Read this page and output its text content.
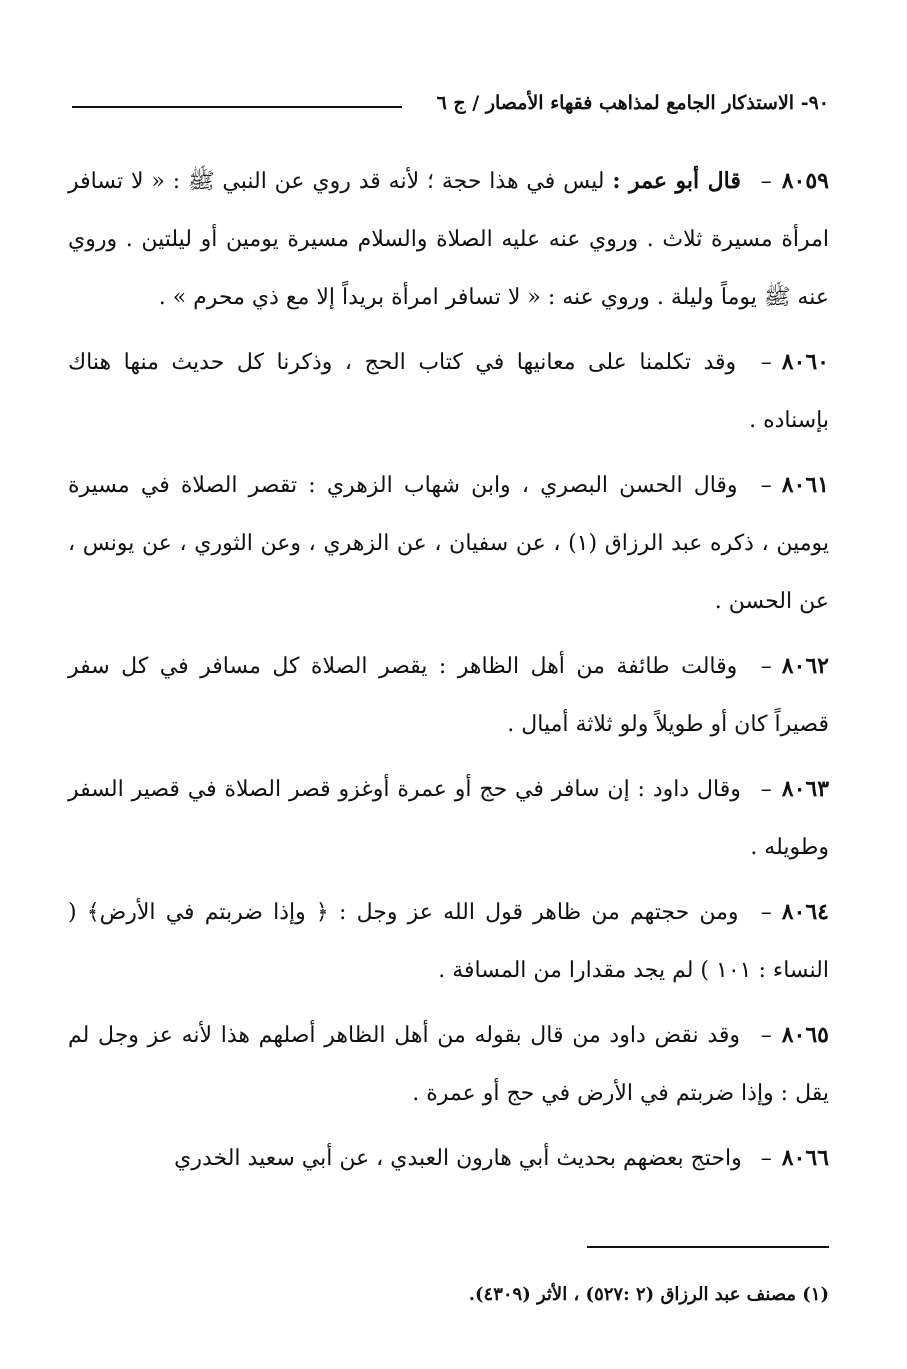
٩٠- الاستذكار الجامع لمذاهب فقهاء الأمصار / ج ٦

٨٠٥٩– قال أبو عمر : ليس في هذا حجة ؛ لأنه قد روي عن النبي ﷺ : « لا تسافر امرأة مسيرة ثلاث . وروي عنه عليه الصلاة والسلام مسيرة يومين أو ليلتين . وروي عنه ﷺ يوماً وليلة . وروي عنه : « لا تسافر امرأة بريداً إلا مع ذي محرم » .

٨٠٦٠– وقد تكلمنا على معانيها في كتاب الحج ، وذكرنا كل حديث منها هناك بإسناده .

٨٠٦١– وقال الحسن البصري ، وابن شهاب الزهري : تقصر الصلاة في مسيرة يومين ، ذكره عبد الرزاق (١) ، عن سفيان ، عن الزهري ، وعن الثوري ، عن يونس ، عن الحسن .

٨٠٦٢– وقالت طائفة من أهل الظاهر : يقصر الصلاة كل مسافر في كل سفر قصيراً كان أو طويلاً ولو ثلاثة أميال .

٨٠٦٣– وقال داود : إن سافر في حج أو عمرة أوغزو قصر الصلاة في قصير السفر وطويله .

٨٠٦٤– ومن حجتهم من ظاهر قول الله عز وجل : ﴿ وإذا ضربتم في الأرض﴾ ( النساء : ١٠١ ) لم يجد مقدارا من المسافة .

٨٠٦٥– وقد نقض داود من قال بقوله من أهل الظاهر أصلهم هذا لأنه عز وجل لم يقل : وإذا ضربتم في الأرض في حج أو عمرة .

٨٠٦٦– واحتج بعضهم بحديث أبي هارون العبدي ، عن أبي سعيد الخدري

(١) مصنف عبد الرزاق (٢ :٥٢٧) ، الأثر (٤٣٠٩).
